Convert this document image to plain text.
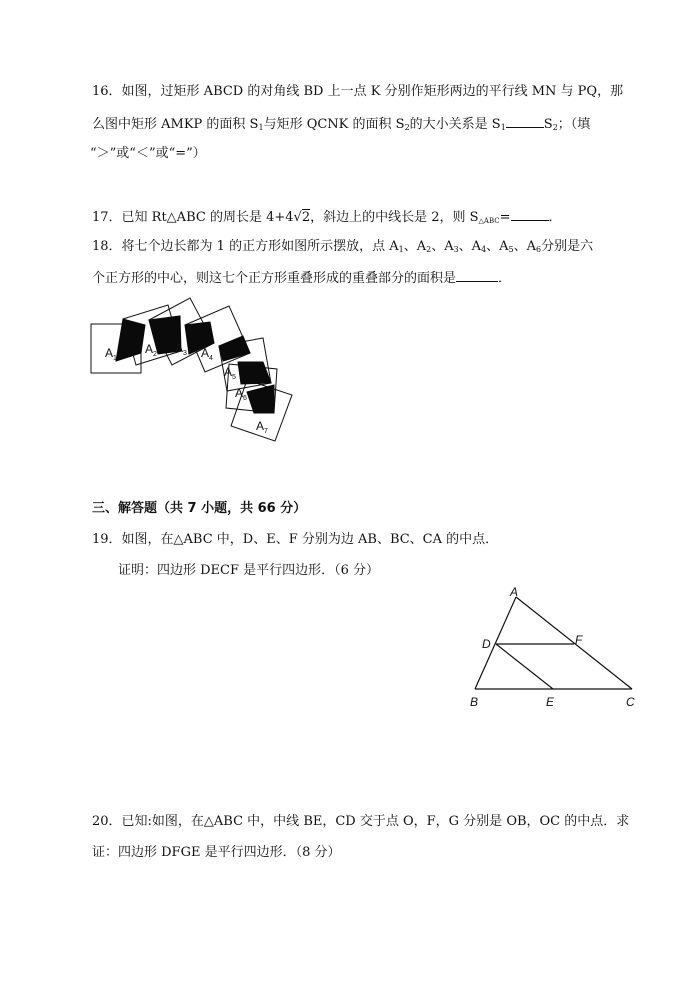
16．如图，过矩形 ABCD 的对角线 BD 上一点 K 分别作矩形两边的平行线 MN 与 PQ，那
么图中矩形 AMKP 的面积 $S_1$与矩形 QCNK 的面积 $S_2$的大小关系是 $S_1$	$S_2$；（填
“＞”或“＜”或“=”）
17．已知 Rt△ABC 的周长是 4+4√2，斜边上的中线长是 2，则 $S_{\triangle ABC}=$	．
18．将七个边长都为 1 的正方形如图所示摆放，点 $A_1$、$A_2$、$A_3$、$A_4$、$A_5$、$A_6$分别是六
个正方形的中心，则这七个正方形重叠形成的重叠部分的面积是	．
$A_1$
$A_2$ $A_3$ $A_4$
$A_5$
$A_6$
$A_7$
三、解答题（共 7 小题，共 66 分）
19．如图，在△ABC 中，D、E、F 分别为边 AB、BC、CA 的中点．
证明：四边形 DECF 是平行四边形．（6 分）
A
B	C
D
E
F
20．已知:如图，在△ABC 中，中线 BE，CD 交于点 O，F，G 分别是 OB，OC 的中点．求
证：四边形 DFGE 是平行四边形．（8 分）
